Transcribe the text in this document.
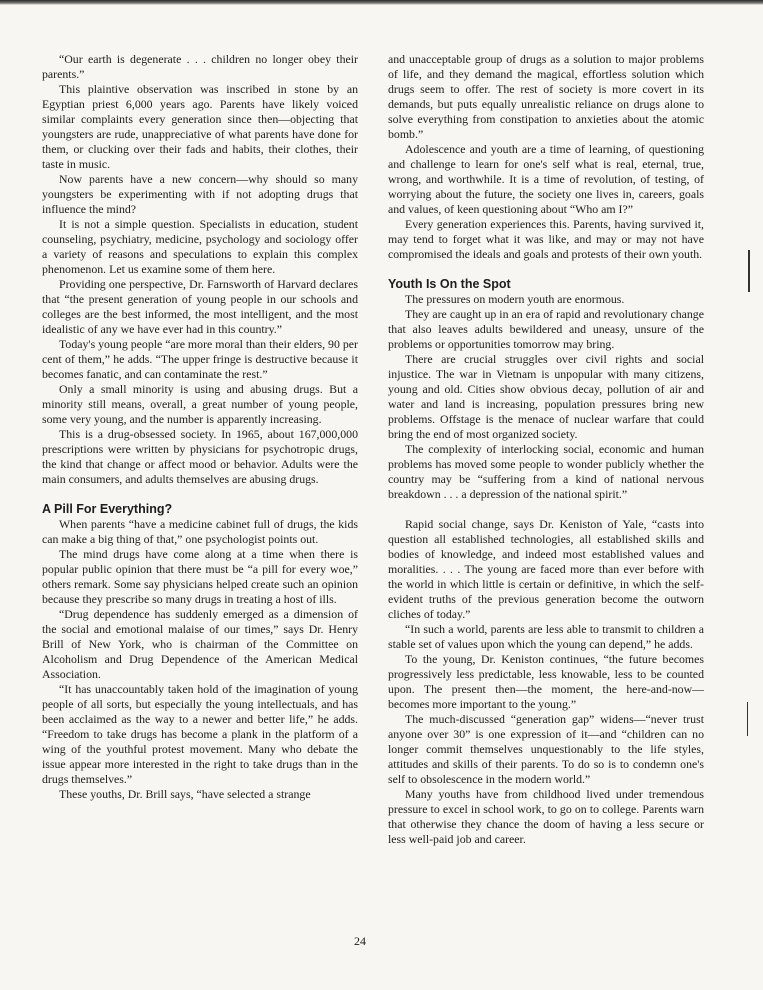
“Our earth is degenerate . . . children no longer obey their parents.”

This plaintive observation was inscribed in stone by an Egyptian priest 6,000 years ago. Parents have likely voiced similar complaints every generation since then—objecting that youngsters are rude, unappreciative of what parents have done for them, or clucking over their fads and habits, their clothes, their taste in music.

Now parents have a new concern—why should so many youngsters be experimenting with if not adopting drugs that influence the mind?

It is not a simple question. Specialists in education, student counseling, psychiatry, medicine, psychology and sociology offer a variety of reasons and speculations to explain this complex phenomenon. Let us examine some of them here.

Providing one perspective, Dr. Farnsworth of Harvard declares that “the present generation of young people in our schools and colleges are the best informed, the most intelligent, and the most idealistic of any we have ever had in this country.”

Today's young people “are more moral than their elders, 90 per cent of them,” he adds. “The upper fringe is destructive because it becomes fanatic, and can contaminate the rest.”

Only a small minority is using and abusing drugs. But a minority still means, overall, a great number of young people, some very young, and the number is apparently increasing.

This is a drug-obsessed society. In 1965, about 167,000,000 prescriptions were written by physicians for psychotropic drugs, the kind that change or affect mood or behavior. Adults were the main consumers, and adults themselves are abusing drugs.

A Pill For Everything?

When parents “have a medicine cabinet full of drugs, the kids can make a big thing of that,” one psychologist points out.

The mind drugs have come along at a time when there is popular public opinion that there must be “a pill for every woe,” others remark. Some say physicians helped create such an opinion because they prescribe so many drugs in treating a host of ills.

“Drug dependence has suddenly emerged as a dimension of the social and emotional malaise of our times,” says Dr. Henry Brill of New York, who is chairman of the Committee on Alcoholism and Drug Dependence of the American Medical Association.

“It has unaccountably taken hold of the imagination of young people of all sorts, but especially the young intellectuals, and has been acclaimed as the way to a newer and better life,” he adds. “Freedom to take drugs has become a plank in the platform of a wing of the youthful protest movement. Many who debate the issue appear more interested in the right to take drugs than in the drugs themselves.”

These youths, Dr. Brill says, “have selected a strange

and unacceptable group of drugs as a solution to major problems of life, and they demand the magical, effortless solution which drugs seem to offer. The rest of society is more covert in its demands, but puts equally unrealistic reliance on drugs alone to solve everything from constipation to anxieties about the atomic bomb.”

Adolescence and youth are a time of learning, of questioning and challenge to learn for one's self what is real, eternal, true, wrong, and worthwhile. It is a time of revolution, of testing, of worrying about the future, the society one lives in, careers, goals and values, of keen questioning about “Who am I?”

Every generation experiences this. Parents, having survived it, may tend to forget what it was like, and may or may not have compromised the ideals and goals and protests of their own youth.

Youth Is On the Spot

The pressures on modern youth are enormous.

They are caught up in an era of rapid and revolutionary change that also leaves adults bewildered and uneasy, unsure of the problems or opportunities tomorrow may bring.

There are crucial struggles over civil rights and social injustice. The war in Vietnam is unpopular with many citizens, young and old. Cities show obvious decay, pollution of air and water and land is increasing, population pressures bring new problems. Offstage is the menace of nuclear warfare that could bring the end of most organized society.

The complexity of interlocking social, economic and human problems has moved some people to wonder publicly whether the country may be “suffering from a kind of national nervous breakdown . . . a depression of the national spirit.”

Rapid social change, says Dr. Keniston of Yale, “casts into question all established technologies, all established skills and bodies of knowledge, and indeed most established values and moralities. . . . The young are faced more than ever before with the world in which little is certain or definitive, in which the self-evident truths of the previous generation become the outworn cliches of today.”

“In such a world, parents are less able to transmit to children a stable set of values upon which the young can depend,” he adds.

To the young, Dr. Keniston continues, “the future becomes progressively less predictable, less knowable, less to be counted upon. The present then—the moment, the here-and-now—becomes more important to the young.”

The much-discussed “generation gap” widens—“never trust anyone over 30” is one expression of it—and “children can no longer commit themselves unquestionably to the life styles, attitudes and skills of their parents. To do so is to condemn one's self to obsolescence in the modern world.”

Many youths have from childhood lived under tremendous pressure to excel in school work, to go on to college. Parents warn that otherwise they chance the doom of having a less secure or less well-paid job and career.

24
